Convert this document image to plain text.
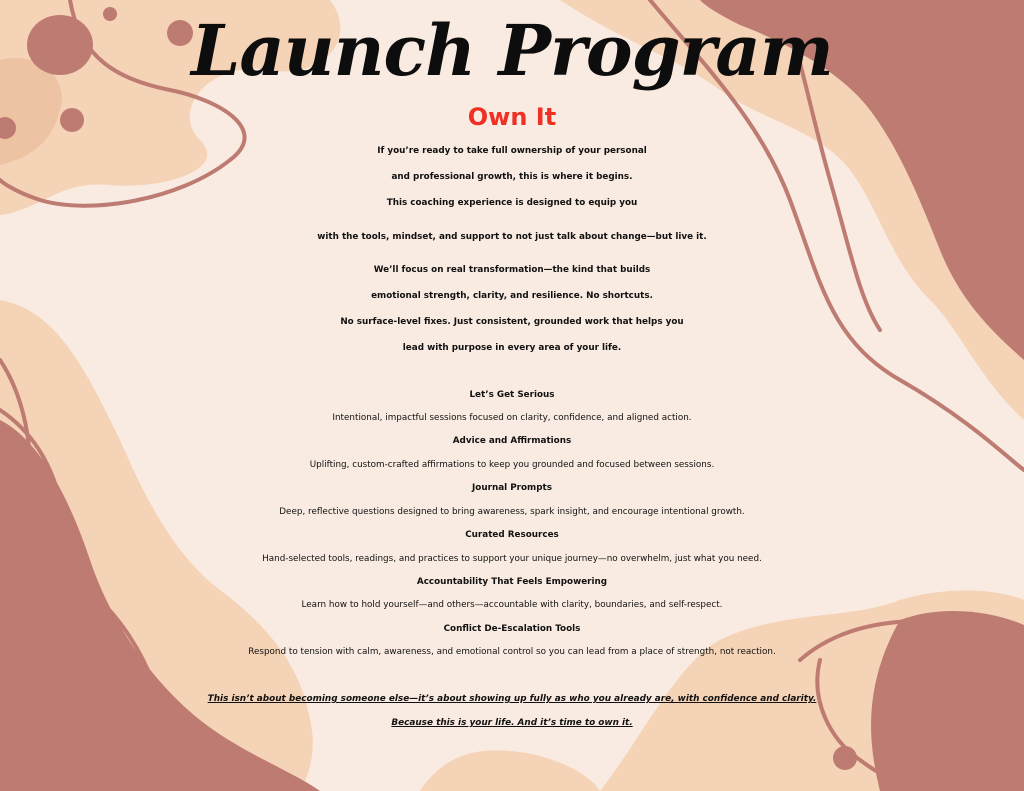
Launch Program
Own It
If you’re ready to take full ownership of your personal
and professional growth, this is where it begins.
This coaching experience is designed to equip you
with the tools, mindset, and support to not just talk about change—but live it.
We’ll focus on real transformation—the kind that builds
emotional strength, clarity, and resilience. No shortcuts.
No surface-level fixes. Just consistent, grounded work that helps you
lead with purpose in every area of your life.
Let’s Get Serious
Intentional, impactful sessions focused on clarity, confidence, and aligned action.
Advice and Affirmations
Uplifting, custom-crafted affirmations to keep you grounded and focused between sessions.
Journal Prompts
Deep, reflective questions designed to bring awareness, spark insight, and encourage intentional growth.
Curated Resources
Hand-selected tools, readings, and practices to support your unique journey—no overwhelm, just what you need.
Accountability That Feels Empowering
Learn how to hold yourself—and others—accountable with clarity, boundaries, and self-respect.
Conflict De-Escalation Tools
Respond to tension with calm, awareness, and emotional control so you can lead from a place of strength, not reaction.
This isn’t about becoming someone else—it’s about showing up fully as who you already are, with confidence and clarity.
Because this is your life. And it’s time to own it.
